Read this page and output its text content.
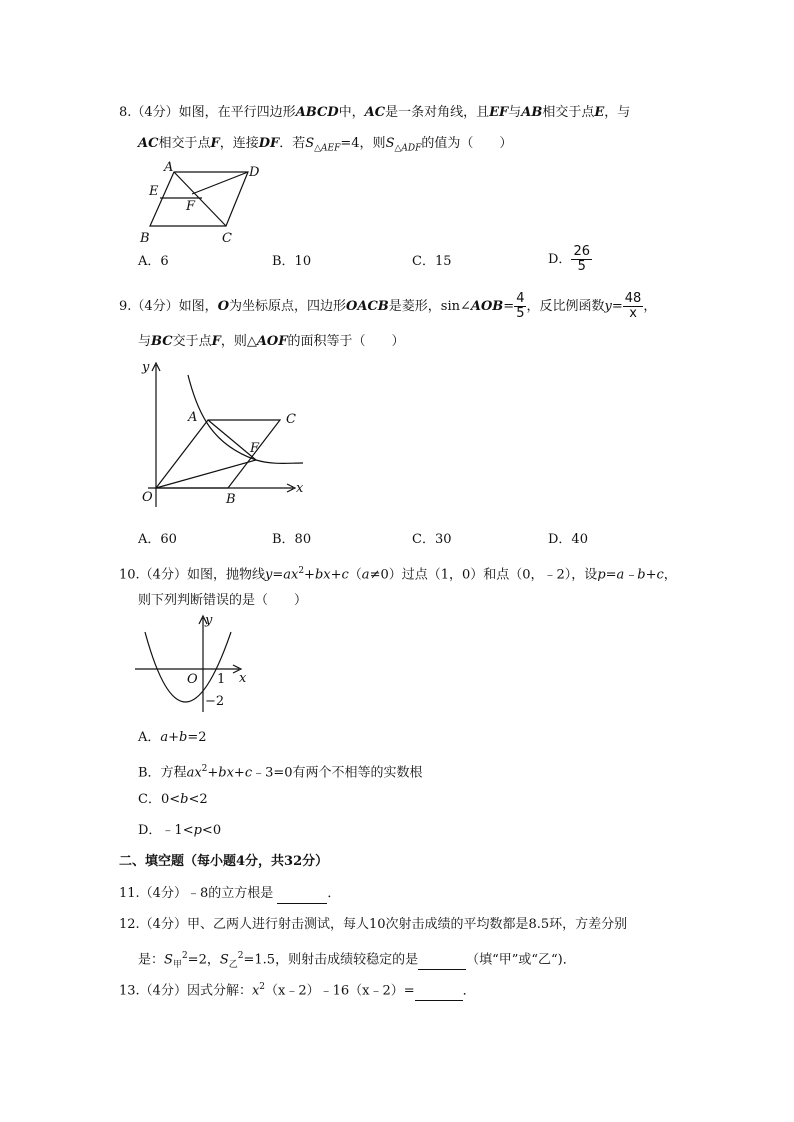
8.（4分）如图，在平行四边形ABCD中，AC是一条对角线，且EF与AB相交于点E，与
AC相交于点F，连接DF．若$S_{\triangle AEF}=4$，则$S_{\triangle ADF}$的值为（　　）
A	D
E
F
B	C
A．6	B．10	C．15	D． $\frac{26}{5}$
9.（4分）如图，O为坐标原点，四边形OACB是菱形，sin∠AOB= $\frac{4}{5}$ ，反比例函数$y= \frac{48}{x}$ ，
与BC交于点F，则△AOF的面积等于（　　）
y
x
O
A	C
F
B
A．60	B．80	C．30	D．40
10.（4分）如图，抛物线$y=ax^2+bx+c(a\ne 0)$过点（1，0）和点（0，﹣2），设p=a﹣b+c，
则下列判断错误的是（　　）
y
x
O 1
−2
A．a+b=2
B．方程$ax^2+bx+c﹣3=0$有两个不相等的实数根
C．0<b<2
D．﹣1<p<0
二、填空题（每小题4分，共32分）
11.（4分）﹣8的立方根是	．
12.（4分）甲、乙两人进行射击测试，每人10次射击成绩的平均数都是8.5环，方差分别
是：$S_甲^2=2$，$S_乙^2=1.5$，则射击成绩较稳定的是	（填“甲”或“乙“)．
13.（4分）因式分解：$x^2(x﹣2)﹣16(x﹣2)=$	．
